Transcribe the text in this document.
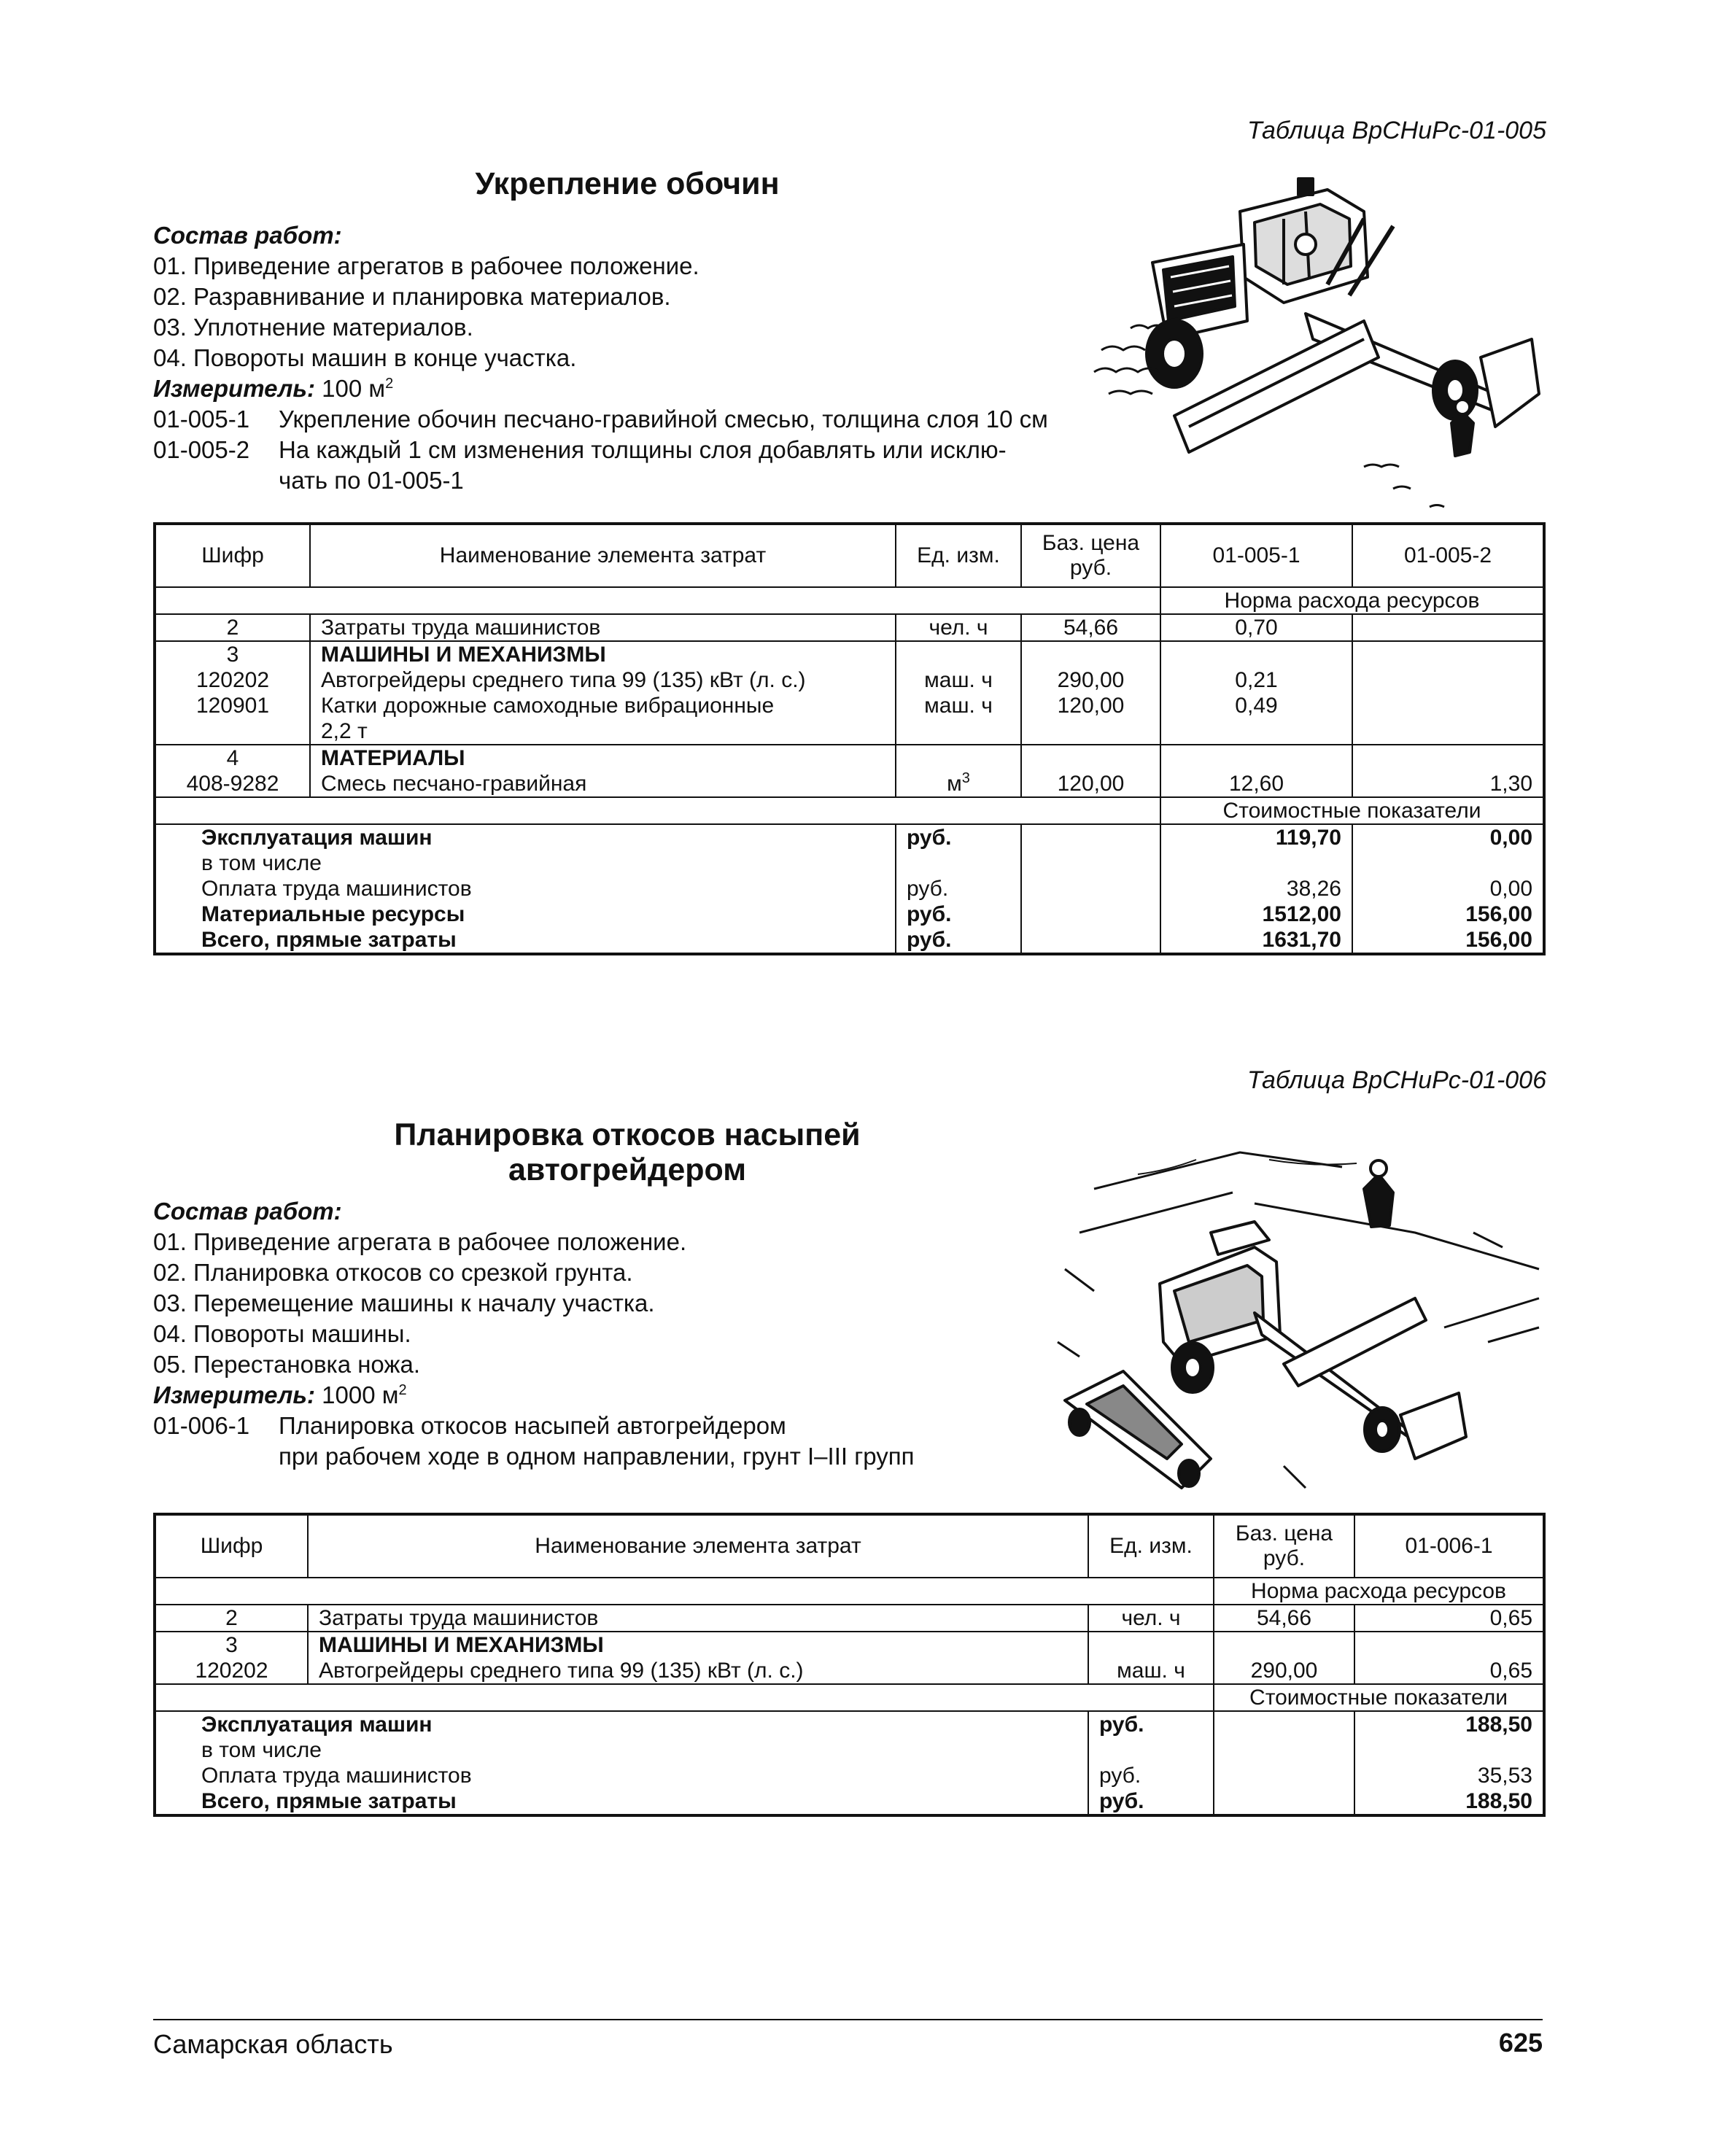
Таблица ВрСНиРс-01-005
Укрепление обочин
Состав работ:
01. Приведение агрегатов в рабочее положение.
02. Разравнивание и планировка материалов.
03. Уплотнение материалов.
04. Повороты машин в конце участка.
Измеритель: 100 $м^2$
01-005-1 Укрепление обочин песчано-гравийной смесью, толщина слоя 10 см
01-005-2 На каждый 1 см изменения толщины слоя добавлять или исклю-
чать по 01-005-1
Шифр	Наименование элемента затрат	Ед. изм.	Баз. цена руб.	01-005-1	01-005-2
				Норма расхода ресурсов	
2	Затраты труда машинистов	чел. ч	54,66	0,70	
3	МАШИНЫ И МЕХАНИЗМЫ				
120202	Автогрейдеры среднего типа 99 (135) кВт (л. с.)	маш. ч	290,00	0,21	
120901	Катки дорожные самоходные вибрационные	маш. ч	120,00	0,49	
	2,2 т				
4	МАТЕРИАЛЫ				
408-9282	Смесь песчано-гравийная	$м^3$	120,00	12,60	1,30
				Стоимостные показатели	
Эксплуатация машин		руб.		119,70	0,00
в том числе					
Оплата труда машинистов		руб.		38,26	0,00
Материальные ресурсы		руб.		1512,00	156,00
Всего, прямые затраты		руб.		1631,70	156,00
Таблица ВрСНиРс-01-006
Планировка откосов насыпей
автогрейдером
Состав работ:
01. Приведение агрегата в рабочее положение.
02. Планировка откосов со срезкой грунта.
03. Перемещение машины к началу участка.
04. Повороты машины.
05. Перестановка ножа.
Измеритель: 1000 $м^2$
01-006-1 Планировка откосов насыпей автогрейдером
при рабочем ходе в одном направлении, грунт I–III групп
Шифр	Наименование элемента затрат	Ед. изм.	Баз. цена руб.	01-006-1
			Норма расхода ресурсов	
2	Затраты труда машинистов	чел. ч	54,66	0,65
3	МАШИНЫ И МЕХАНИЗМЫ			
120202	Автогрейдеры среднего типа 99 (135) кВт (л. с.)	маш. ч	290,00	0,65
			Стоимостные показатели	
Эксплуатация машин		руб.		188,50
в том числе				
Оплата труда машинистов		руб.		35,53
Всего, прямые затраты		руб.		188,50
Самарская область	625
